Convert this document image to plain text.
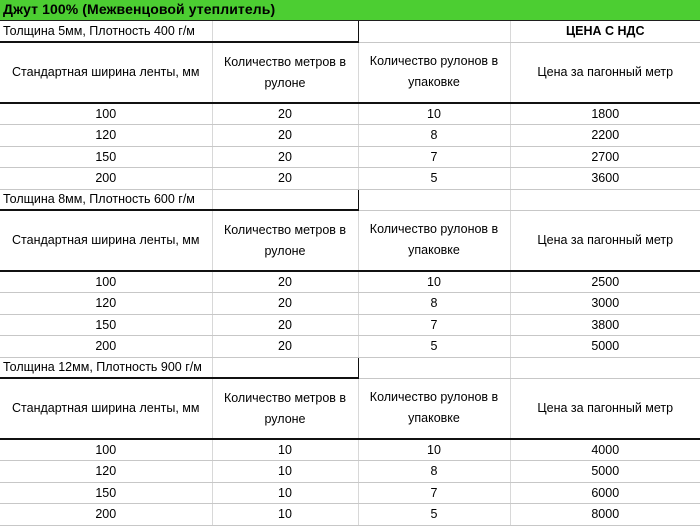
Джут 100% (Межвенцовой утеплитель)
Толщина 5мм, Плотность 400 г/м			ЦЕНА С НДС
Стандартная ширина ленты, мм	Количество метров в рулоне	Количество рулонов в упаковке	Цена за пагонный метр
100	20	10	1800
120	20	8	2200
150	20	7	2700
200	20	5	3600
Толщина 8мм, Плотность 600 г/м			
Стандартная ширина ленты, мм	Количество метров в рулоне	Количество рулонов в упаковке	Цена за пагонный метр
100	20	10	2500
120	20	8	3000
150	20	7	3800
200	20	5	5000
Толщина 12мм, Плотность 900 г/м			
Стандартная ширина ленты, мм	Количество метров в рулоне	Количество рулонов в упаковке	Цена за пагонный метр
100	10	10	4000
120	10	8	5000
150	10	7	6000
200	10	5	8000
